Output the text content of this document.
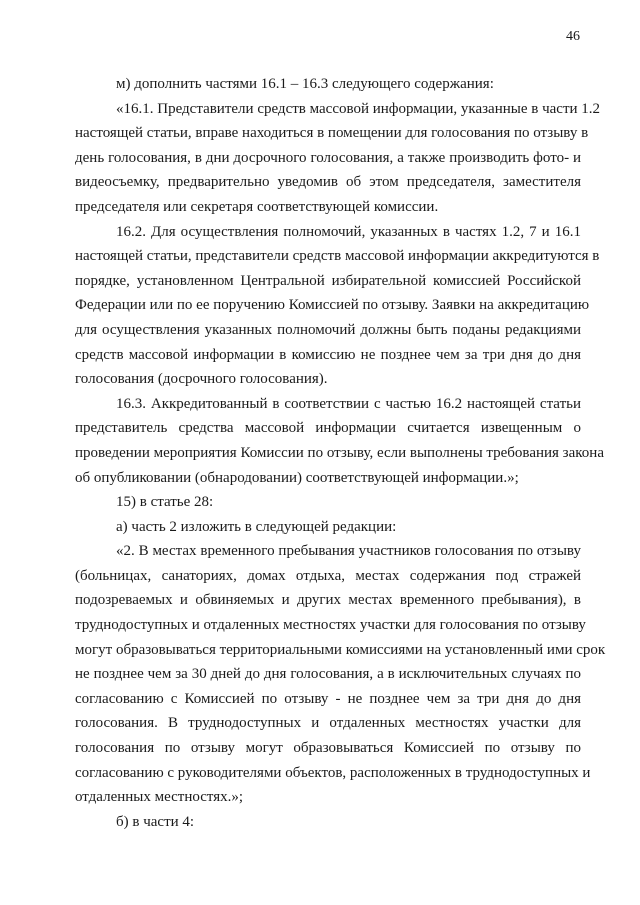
46
м) дополнить частями 16.1 – 16.3 следующего содержания:
«16.1. Представители средств массовой информации, указанные в части 1.2
настоящей статьи, вправе находиться в помещении для голосования по отзыву в
день голосования, в дни досрочного голосования, а также производить фото- и
видеосъемку, предварительно уведомив об этом председателя, заместителя
председателя или секретаря соответствующей комиссии.
16.2. Для осуществления полномочий, указанных в частях 1.2, 7 и 16.1
настоящей статьи, представители средств массовой информации аккредитуются в
порядке, установленном Центральной избирательной комиссией Российской
Федерации или по ее поручению Комиссией по отзыву. Заявки на аккредитацию
для осуществления указанных полномочий должны быть поданы редакциями
средств массовой информации в комиссию не позднее чем за три дня до дня
голосования (досрочного голосования).
16.3. Аккредитованный в соответствии с частью 16.2 настоящей статьи
представитель средства массовой информации считается извещенным о
проведении мероприятия Комиссии по отзыву, если выполнены требования закона
об опубликовании (обнародовании) соответствующей информации.»;
15) в статье 28:
а) часть 2 изложить в следующей редакции:
«2. В местах временного пребывания участников голосования по отзыву
(больницах, санаториях, домах отдыха, местах содержания под стражей
подозреваемых и обвиняемых и других местах временного пребывания), в
труднодоступных и отдаленных местностях участки для голосования по отзыву
могут образовываться территориальными комиссиями на установленный ими срок
не позднее чем за 30 дней до дня голосования, а в исключительных случаях по
согласованию с Комиссией по отзыву - не позднее чем за три дня до дня
голосования. В труднодоступных и отдаленных местностях участки для
голосования по отзыву могут образовываться Комиссией по отзыву по
согласованию с руководителями объектов, расположенных в труднодоступных и
отдаленных местностях.»;
б) в части 4:
